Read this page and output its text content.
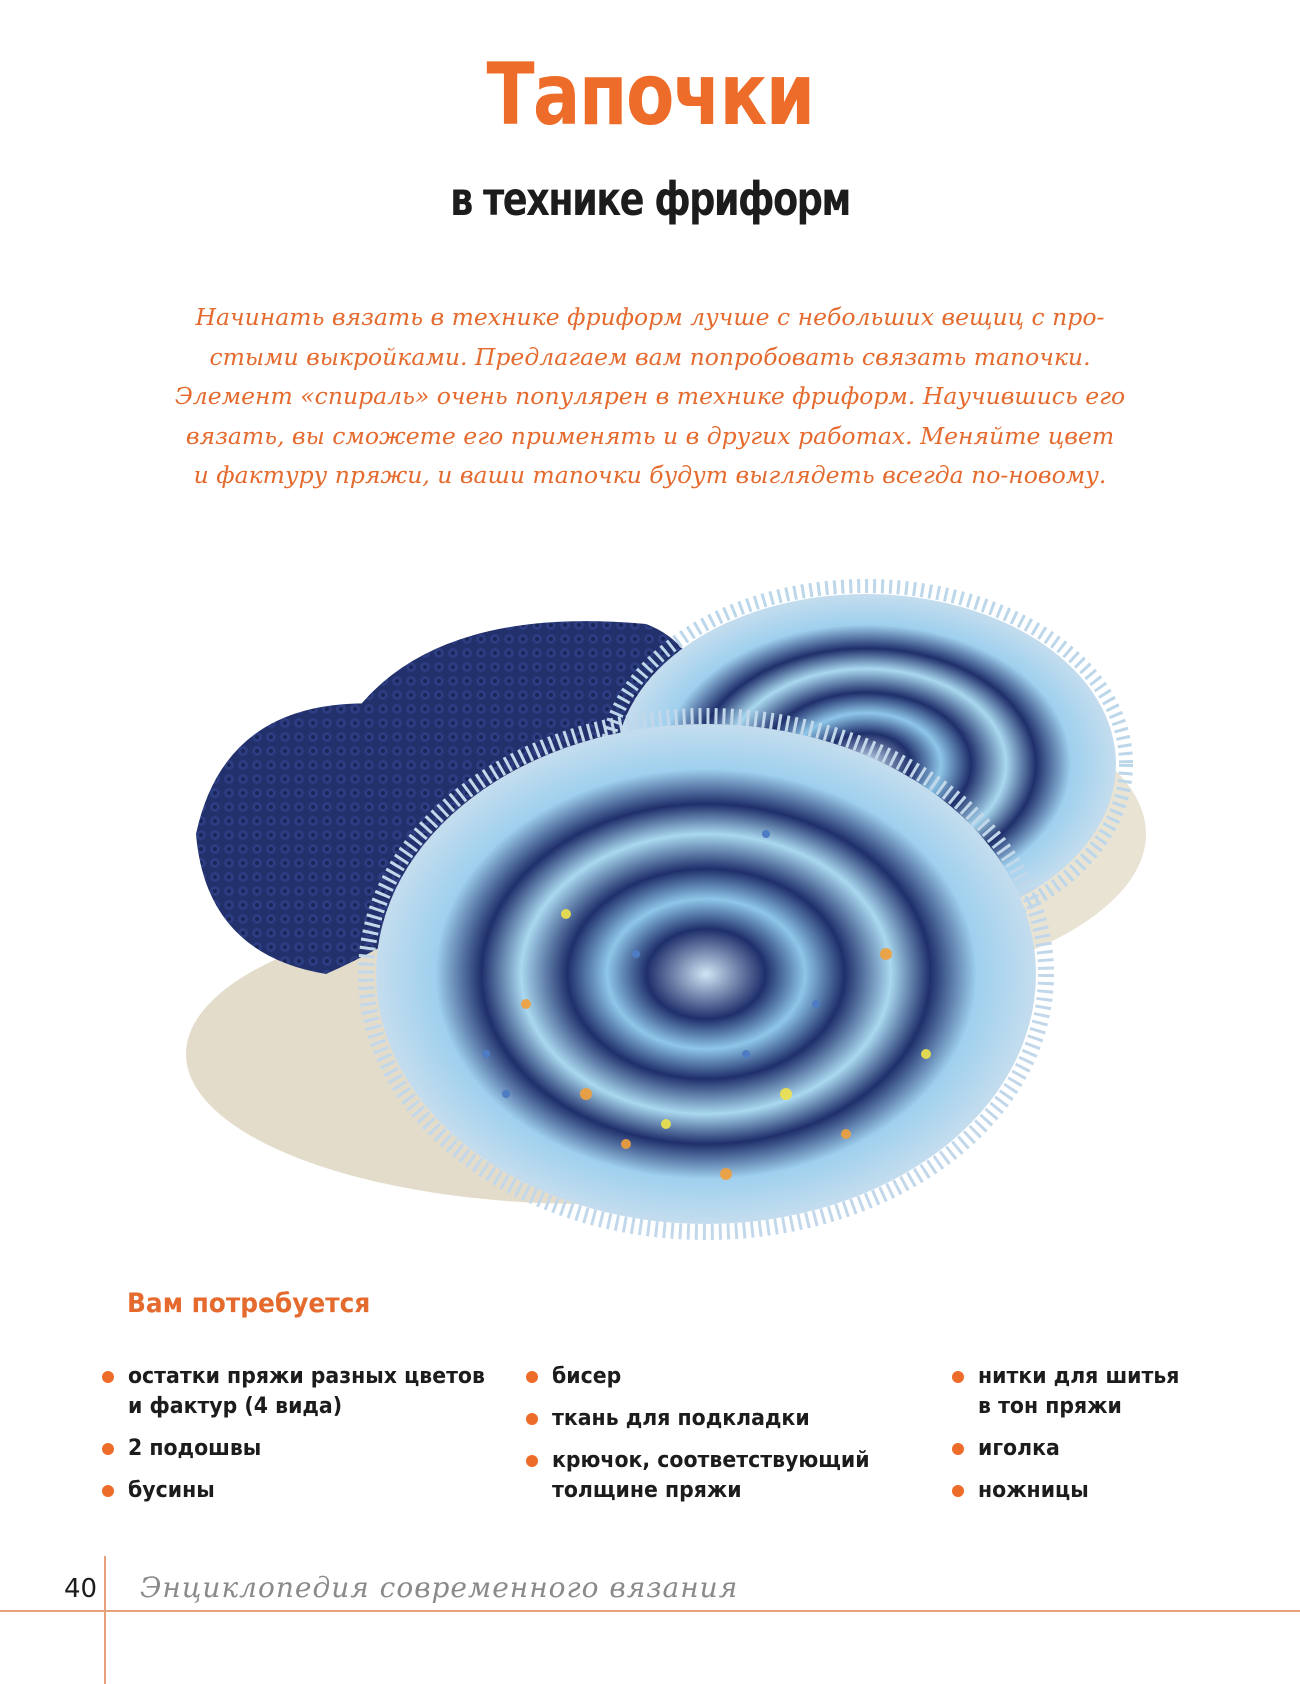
Тапочки
в технике фриформ
Начинать вязать в технике фриформ лучше с небольших вещиц с про-
стыми выкройками. Предлагаем вам попробовать связать тапочки.
Элемент «спираль» очень популярен в технике фриформ. Научившись его
вязать, вы сможете его применять и в других работах. Меняйте цвет
и фактуру пряжи, и ваши тапочки будут выглядеть всегда по-новому.
Вам потребуется
остатки пряжи разных цветов
и фактур (4 вида)
2 подошвы
бусины
бисер
ткань для подкладки
крючок, соответствующий
толщине пряжи
нитки для шитья
в тон пряжи
иголка
ножницы
40 Энциклопедия современного вязания
